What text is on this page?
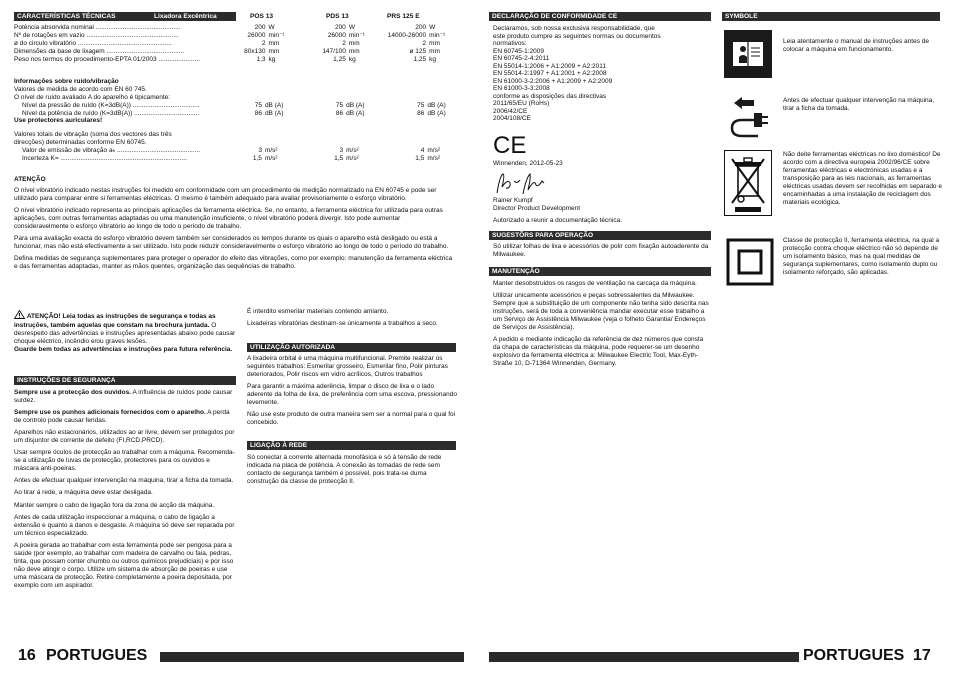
CARACTERÍSTICAS TÉCNICAS	Lixadora Excêntrica	POS 13	PDS 13	PRS 125 E
Potência absorvida nominal ...............................................	200 W	200 W	200 W
Nº de rotações em vazio ...................................................	26000 min⁻¹	26000 min⁻¹	14000-26000 min⁻¹
ø do circulo vibratório ....................................................	2 mm	2 mm	2 mm
Dimensões da base de lixagem ...........................................	80x130 mm	147/100 mm	ø 125 mm
Peso nos termos do procedimento-EPTA 01/2003 .......................	1,3 kg	1,25 kg	1,25 kg
Informações sobre ruído/vibração
Valores de medida de acordo com EN 60 745.
O nível de ruído avaliado A do aparelho é tipicamente:
Nível da pressão de ruído (K=3dB(A)) .....................................	75 dB (A)	75 dB (A)	75 dB (A)
Nível da potência de ruído (K=3dB(A)) ....................................	86 dB (A)	86 dB (A)	86 dB (A)
Use protectores auriculares!
Valores totais de vibração (soma dos vectores das três
direcções) determinadas conforme EN 60745.
Valor de emissão de vibração aₕ ..............................................	3 m/s²	3 m/s²	4 m/s²
Incerteza K= ......................................................................	1,5 m/s²	1,5 m/s²	1,5 m/s²

ATENÇÃO

O nível vibratório indicado nestas instruções foi medido em conformidade com um procedimento de medição normalizado na EN 60745 e pode ser utilizado para comparar entre si ferramentas eléctricas. O mesmo é também adequado para avaliar provisoriamente o esforço vibratório.

O nível vibratório indicado representa as principais aplicações da ferramenta eléctrica. Se, no entanto, a ferramenta eléctrica for utilizada para outras aplicações, com outras ferramentas adaptadas ou uma manutenção insuficiente, o nível vibratório poderá divergir. Isto pode aumentar consideravelmente o esforço vibratório ao longo de todo o período de trabalho.

Para uma avaliação exacta do esforço vibratório devem também ser considerados os tempos durante os quais o aparelho está desligado ou está a funcionar, mas não está efectivamente a ser utilizado. Isto pode reduzir consideravelmente o esforço vibratório ao longo de todo o período do trabalho.

Defina medidas de segurança suplementares para proteger o operador do efeito das vibrações, como por exemplo: manutenção da ferramenta eléctrica e das ferramentas adaptadas, manter as mãos quentes, organização das sequências de trabalho.

ATENÇÃO! Leia todas as instruções de segurança e todas as instruções, também aquelas que constam na brochura juntada. O desrespeito das advertências e instruções apresentadas abaixo pode causar choque eléctrico, incêndio e/ou graves lesões.

Guarde bem todas as advertências e instruções para futura referência.

INSTRUÇÕES DE SEGURANÇA

Sempre use a protecção dos ouvidos. A influência de ruídos pode causar surdez.

Sempre use os punhos adicionais fornecidos com o aparelho. A perda de controlo pode causar feridas.

Aparelhos não estacionários, utilizados ao ar livre, devem ser protegidos por um disjuntor de corrente de defeito (FI,RCD,PRCD).

Usar sempre óculos de protecção ao trabalhar com a máquina. Recomenda-se a utilização de luvas de protecção, protectores para os ouvidos e máscara anti-poeiras.

Antes de efectuar qualquer intervenção na máquina, tirar a ficha da tomada.

Ao tirar á rede, a máquina deve estar desligada.

Manter sempre o cabo de ligação fora da zona de acção da máquina.

Antes de cada utilização inspeccionar a máquina, o cabo de ligação a extensão e quanto a danos e desgaste. A máquina só deve ser reparada por um técnico especializado.

A poeira gerada ao trabalhar com esta ferramenta pode ser perigosa para a saúde (por exemplo, ao trabalhar com madeira de carvalho ou faia, pedras, tinta, que possam conter chumbo ou outros químicos prejudiciais) e por isso não deve atingir o corpo. Utilize um sistema de absorção de poeiras e use uma máscara de protecção. Retire completamente a poeira depositada, por exemplo com um aspirador.

É interdito esmerilar materiais contendo amianto.

Lixadeiras vibratórias destinam-se únicamente a trabalhos a seco.

UTILIZAÇÃO AUTORIZADA

A lixadeira orbital é uma máquina multifuncional. Premite realizar os seguintes trabalhos: Esmerilar grosseiro, Esmerilar fino, Polir pinturas deteriorados, Polir riscos em vidro acrílicos, Outros trabalhos

Para garantir a máxima aderência, limpar o disco de lixa e o lado aderente da folha de lixa, de preferência com uma escova, pressionando levemente.

Não use este produto de outra maneira sem ser a normal para o qual foi concebido.

LIGAÇÃO À REDE

Só conectar à corrente alternada monofásica e só à tensão de rede indicada na placa de potência. A conexão às tomadas de rede sem contacto de segurança também é possível, pois trata-se duma construção da classe de protecção II.

16 PORTUGUES
DECLARAÇÃO DE CONFORMIDADE CE
Declaramos, sob nossa exclusiva responsabilidade, que
este produto cumpre as seguintes normas ou documentos
normativos:
EN 60745-1:2009
EN 60745-2-4:2011
EN 55014-1:2006 + A1:2009 + A2:2011
EN 55014-2:1997 + A1:2001 + A2:2008
EN 61000-3-2:2006 + A1:2009 + A2:2009
EN 61000-3-3:2008
conforme as disposições das directivas
2011/65/EU (RoHs)
2006/42/CE
2004/108/CE
CE
Winnenden, 2012-05-23
Rainer Kumpf
Director Product Development
Autorizado a reunir a documentação técnica.
SUGESTÕRS PARA OPERAÇÃO

Só utilizar folhas de lixa e acessórios de polir com fixação autoaderente da Milwaukee.

MANUTENÇÃO

Manter desobstruidos os rasgos de ventilação na carcaça da máquina.

Utilizar unicamente acessórios e peças sobressalentes da Milwaukee. Sempre que a substituição de um componente não tenha sido descrita nas instruções, será de toda a conveniência mandar executar esse trabalho a um Serviço de Assistência Milwaukee (veja o folheto Garantia/ Endereços de Serviços de Assistência).

A pedido e mediante indicação da referência de dez números que consta da chapa de características da máquina, pode requerer-se um desenho explosivo da ferramenta eléctrica a: Milwaukee Electric Tool, Max-Eyth-Straße 10, D-71364 Winnenden, Germany.

SYMBOLE
Leia atentamente o manual de instruções antes de colocar a máquina em funcionamento.
Antes de efectuar qualquer intervenção na máquina, tirar a ficha da tomada.
Não deite ferramentas eléctricas no lixo doméstico! De acordo com a directiva europeia 2002/96/CE sobre ferramentas eléctricas e electrónicas usadas e a transposição para as leis nacionais, as ferramentas eléctricas usadas devem ser recolhidas em separado e encaminhadas a uma instalação de reciclagem dos materiais ecológica.
Classe de protecção II, ferramenta eléctrica, na qual a protecção contra choque eléctrico não só depende de um isolamento básico, mas na qual medidas de segurança suplementares, como isolamento duplo ou isolamento reforçado, são aplicadas.
PORTUGUES 17
